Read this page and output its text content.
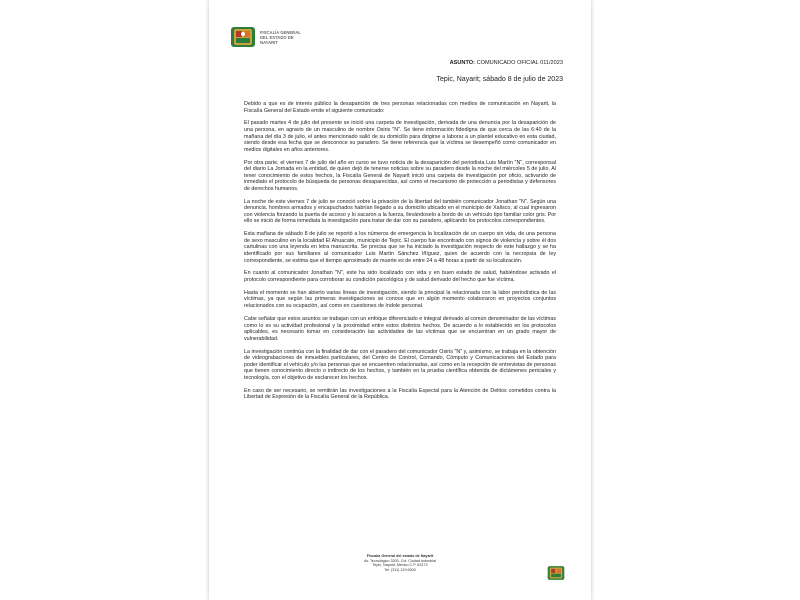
FISCALÍA GENERAL
DEL ESTADO DE
NAYARIT
ASUNTO: COMUNICADO OFICIAL 011/2023
Tepic, Nayarit; sábado 8 de julio de 2023

Debido a que es de interés público la desaparición de tres personas relacionadas con medios de comunicación en Nayarit, la Fiscalía General del Estado emite el siguiente comunicado:

El pasado martes 4 de julio del presente se inició una carpeta de investigación, derivada de una denuncia por la desaparición de una persona, en agravio de un masculino de nombre Osiris "N". Se tiene información fidedigna de que cerca de las 6:40 de la mañana del día 3 de julio, el antes mencionado salió de su domicilio para dirigirse a laborar a un plantel educativo en esta ciudad, siendo desde esa fecha que se desconoce su paradero. Se tiene referencia que la víctima se desempeñó como comunicador en medios digitales en años anteriores.

Por otra parte, el viernes 7 de julio del año en curso se tuvo noticia de la desaparición del periodista Luis Martín "N", corresponsal del diario La Jornada en la entidad, de quien dejó de tenerse noticias sobre su paradero desde la noche del miércoles 5 de julio. Al tener conocimiento de estos hechos, la Fiscalía General de Nayarit inició una carpeta de investigación por oficio, activando de inmediato el protocolo de búsqueda de personas desaparecidas, así como el mecanismo de protección a periodistas y defensores de derechos humanos.

La noche de este viernes 7 de julio se conoció sobre la privación de la libertad del también comunicador Jonathan "N". Según una denuncia, hombres armados y encapuchados habrían llegado a su domicilio ubicado en el municipio de Xalisco, al cual ingresaron con violencia forzando la puerta de acceso y lo sacaron a la fuerza, llevándoselo a bordo de un vehículo tipo familiar color gris. Por ello se inició de forma inmediata la investigación para tratar de dar con su paradero, aplicando los protocolos correspondientes.

Esta mañana de sábado 8 de julio se reportó a los números de emergencia la localización de un cuerpo sin vida, de una persona de sexo masculino en la localidad El Ahuacate, municipio de Tepic. El cuerpo fue encontrado con signos de violencia y sobre él dos cartulinas con una leyenda en letra manuscrita. Se precisa que se ha iniciado la investigación respecto de este hallazgo y se ha identificado por sus familiares al comunicador Luis Martín Sánchez Iñíguez, quien de acuerdo con la necropsia de ley correspondiente, se estima que el tiempo aproximado de muerte es de entre 24 a 48 horas a partir de su localización.

En cuanto al comunicador Jonathan "N", este ha sido localizado con vida y en buen estado de salud, habiéndose activado el protocolo correspondiente para corroborar su condición psicológica y de salud derivado del hecho que fue víctima.

Hasta el momento se han abierto varias líneas de investigación, siendo la principal la relacionada con la labor periodística de las víctimas, ya que según las primeras investigaciones se conoce que en algún momento colaboraron en proyectos conjuntos relacionados con su ocupación, así como en cuestiones de índole personal.

Cabe señalar que estos asuntos se trabajan con un enfoque diferenciado e integral derivado al común denominador de las víctimas como lo es su actividad profesional y la proximidad entre estos distintos hechos. De acuerdo a lo establecido en los protocolos aplicables, es necesario tomar en consideración las actividades de las víctimas que se encuentran en un grado mayor de vulnerabilidad.

La investigación continúa con la finalidad de dar con el paradero del comunicador Osiris "N" y, asimismo, se trabaja en la obtención de videograbaciones de inmuebles particulares, del Centro de Control, Comando, Cómputo y Comunicaciones del Estado para poder identificar el vehículo y/o las personas que se encuentren relacionadas, así como en la recepción de entrevistas de personas que tienen conocimiento directo o indirecto de los hechos, y también en la prueba científica obtenida de dictámenes periciales y tecnología, con el objetivo de esclarecer los hechos.

En caso de ser necesario, se remitirán las investigaciones a la Fiscalía Especial para la Atención de Delitos cometidos contra la Libertad de Expresión de la Fiscalía General de la República.

Fiscalía General del estado de Nayarit
Av. Tecnológico 3200, Col. Ciudad Industrial
Tepic, Nayarit, México C.P. 63173
Tel. (311) 129 6000
